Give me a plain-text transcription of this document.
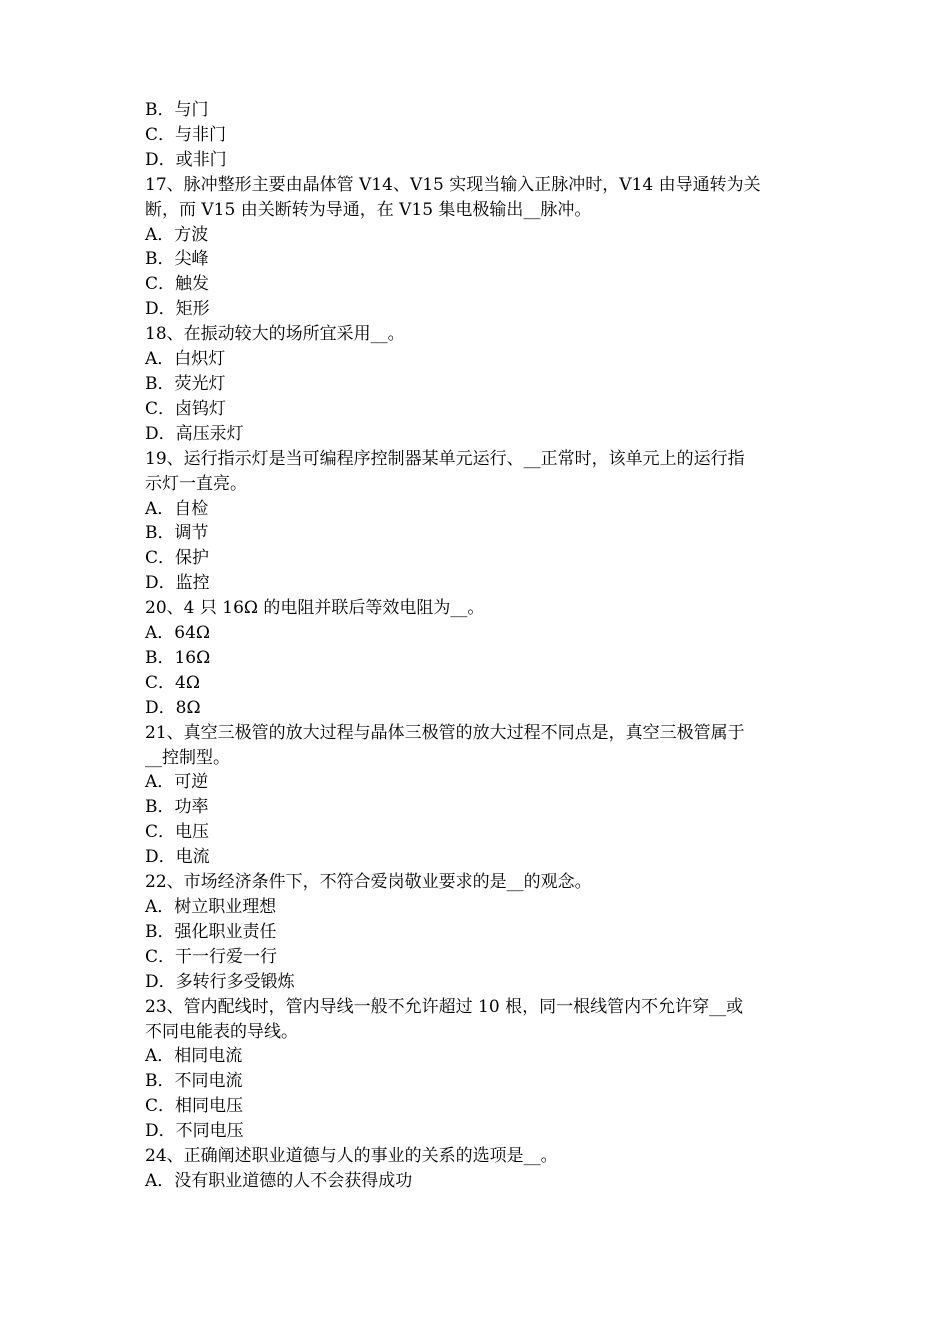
B．与门
C．与非门
D．或非门
17、脉冲整形主要由晶体管 V14、V15 实现当输入正脉冲时，V14 由导通转为关
断，而 V15 由关断转为导通，在 V15 集电极输出__脉冲。
A．方波
B．尖峰
C．触发
D．矩形
18、在振动较大的场所宜采用__。
A．白炽灯
B．荧光灯
C．卤钨灯
D．高压汞灯
19、运行指示灯是当可编程序控制器某单元运行、__正常时，该单元上的运行指
示灯一直亮。
A．自检
B．调节
C．保护
D．监控
20、4 只 16Ω 的电阻并联后等效电阻为__。
A．64Ω
B．16Ω
C．4Ω
D．8Ω
21、真空三极管的放大过程与晶体三极管的放大过程不同点是，真空三极管属于
__控制型。
A．可逆
B．功率
C．电压
D．电流
22、市场经济条件下，不符合爱岗敬业要求的是__的观念。
A．树立职业理想
B．强化职业责任
C．干一行爱一行
D．多转行多受锻炼
23、管内配线时，管内导线一般不允许超过 10 根，同一根线管内不允许穿__或
不同电能表的导线。
A．相同电流
B．不同电流
C．相同电压
D．不同电压
24、正确阐述职业道德与人的事业的关系的选项是__。
A．没有职业道德的人不会获得成功
